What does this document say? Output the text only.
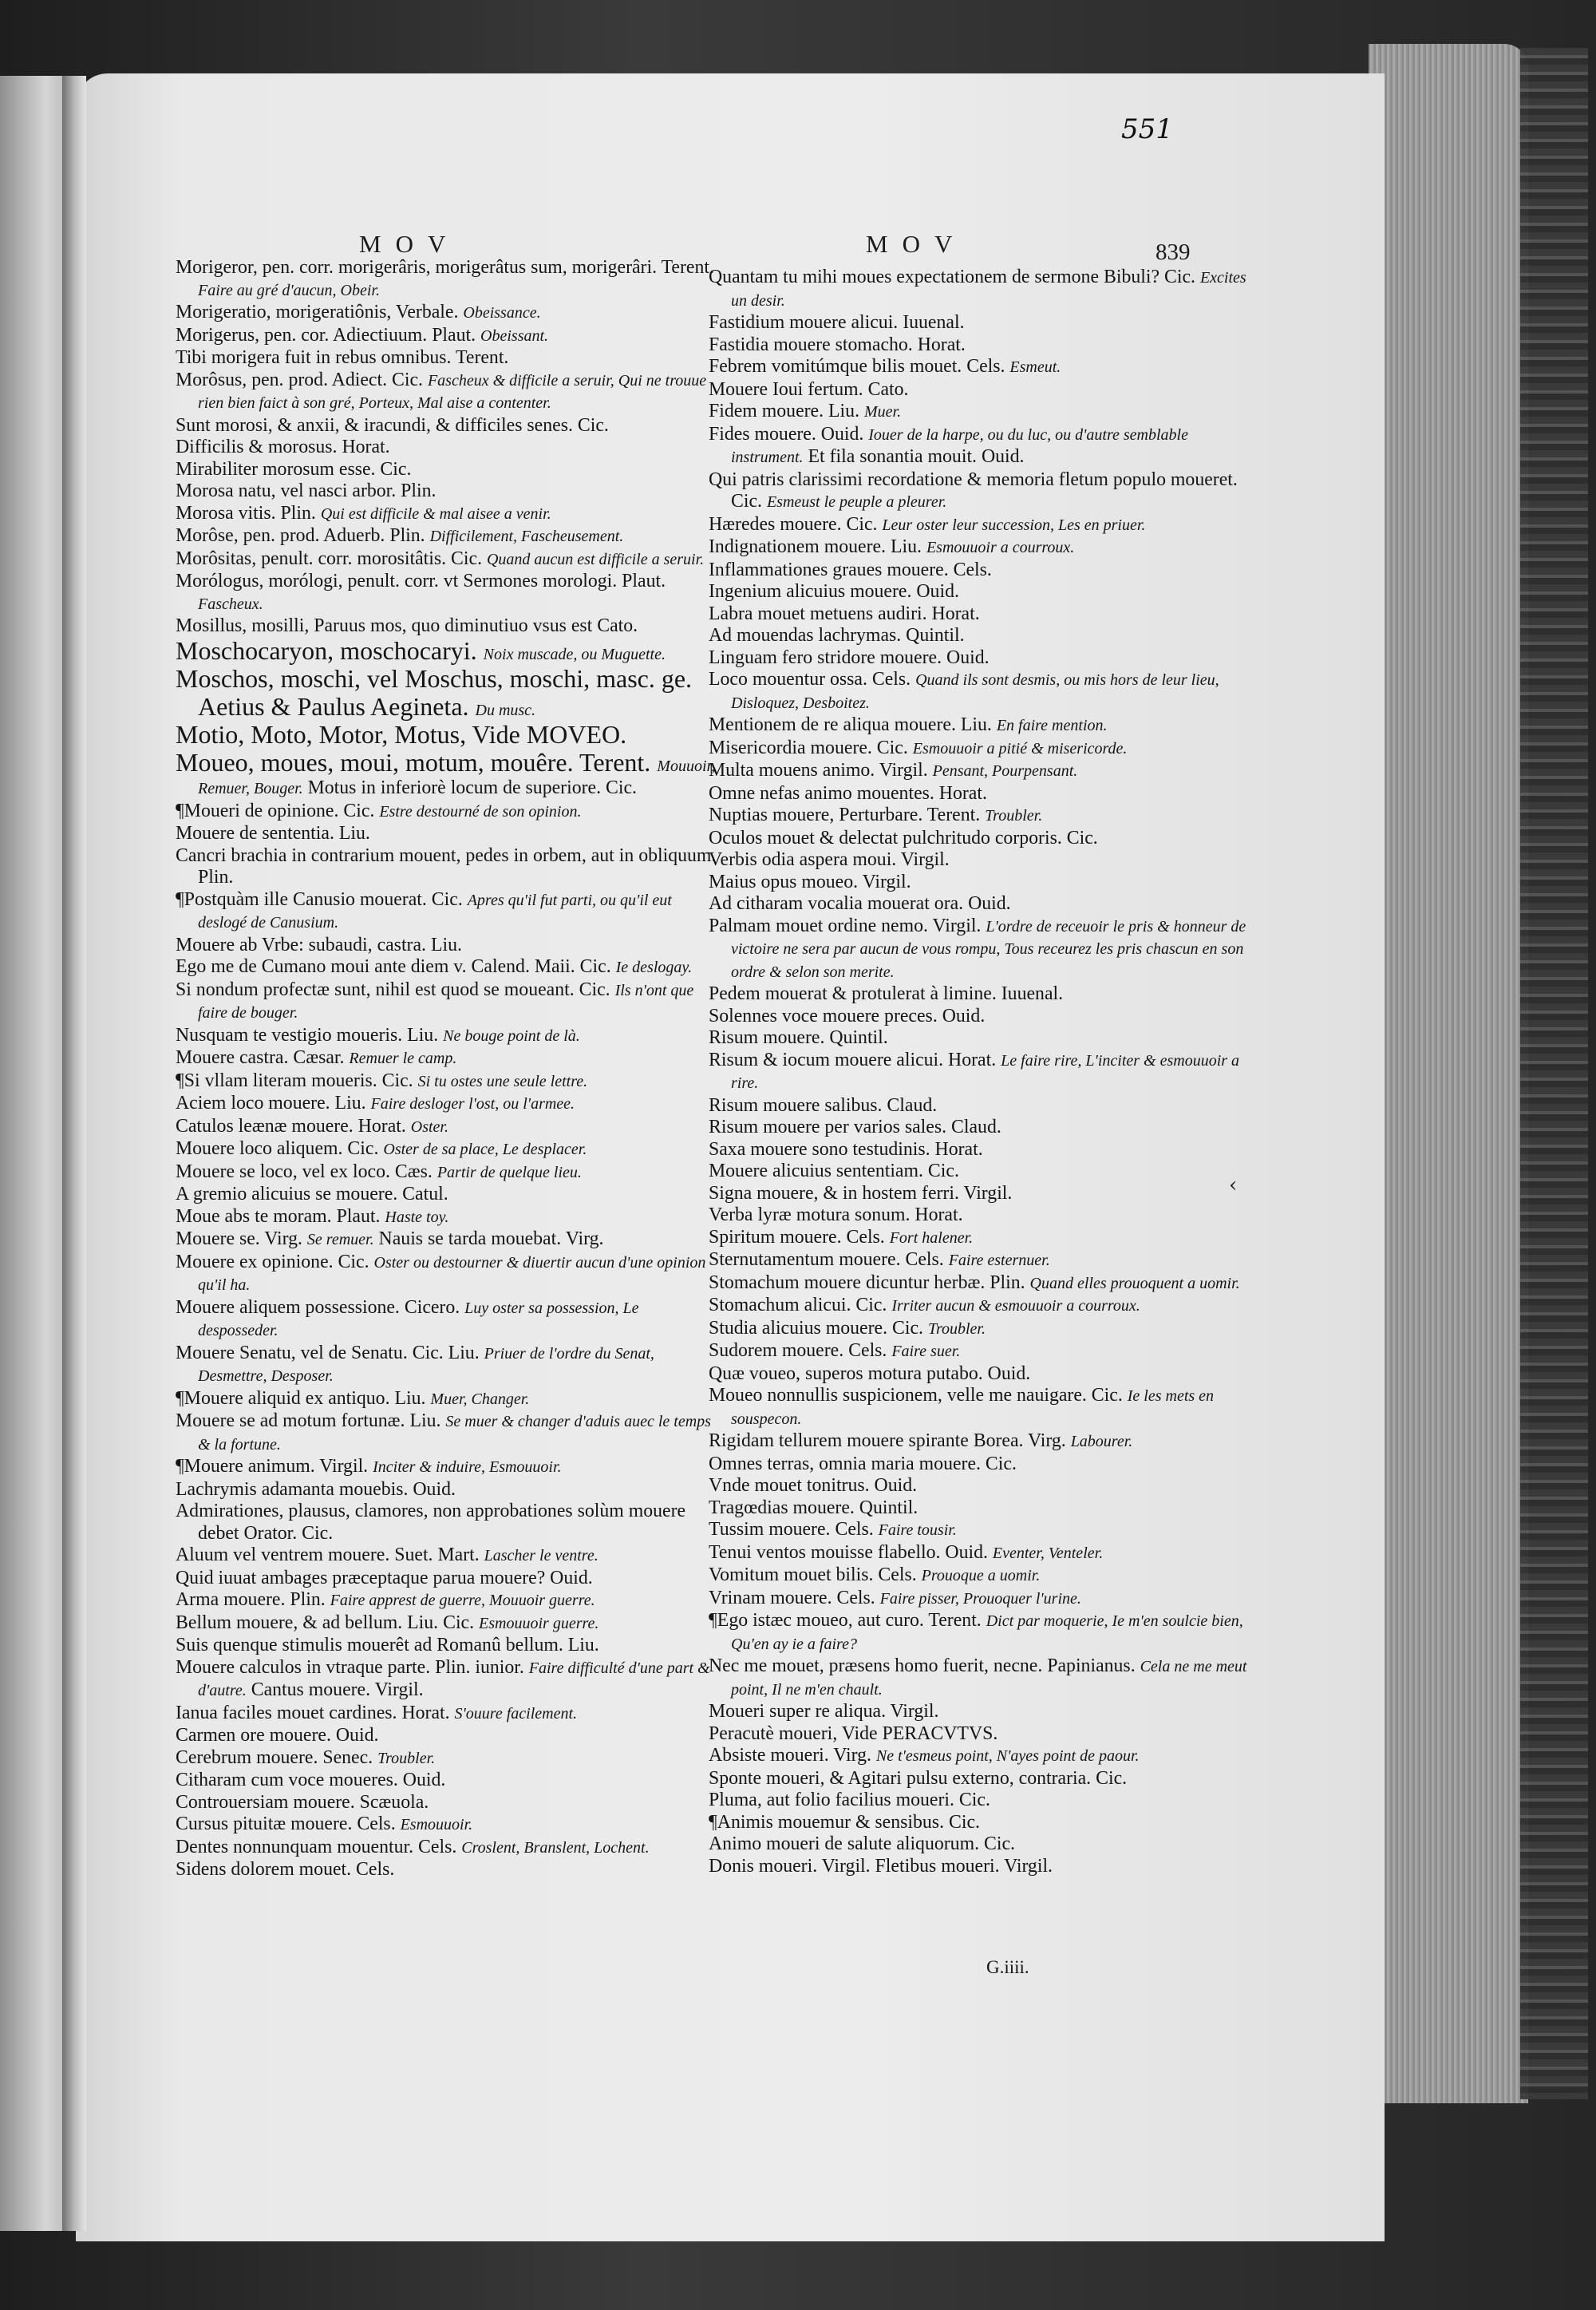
551
MOV	MOV	839
Morigeror, pen. corr. morigerâris, morigerâtus sum, morigerâri. Terent. Faire au gré d'aucun, Obeir.
Morigeratio, morigeratiônis, Verbale. Obeissance.
Morigerus, pen. cor. Adiectiuum. Plaut. Obeissant.
Tibi morigera fuit in rebus omnibus. Terent.
Morôsus, pen. prod. Adiect. Cic. Fascheux & difficile a seruir, Qui ne trouue rien bien faict à son gré, Porteux, Mal aise a contenter.
Sunt morosi, & anxii, & iracundi, & difficiles senes. Cic.
Difficilis & morosus. Horat.
Mirabiliter morosum esse. Cic.
Morosa natu, vel nasci arbor. Plin.
Morosa vitis. Plin. Qui est difficile & mal aisee a venir.
Morôse, pen. prod. Aduerb. Plin. Difficilement, Fascheusement.
Morôsitas, penult. corr. morositâtis. Cic. Quand aucun est difficile a seruir.
Morólogus, morólogi, penult. corr. vt Sermones morologi. Plaut. Fascheux.
Mosillus, mosilli, Paruus mos, quo diminutiuo vsus est Cato.
Moschocaryon, moschocaryi. Noix muscade, ou Muguette.
Moschos, moschi, vel Moschus, moschi, masc. ge. Aetius & Paulus Aegineta. Du musc.
Motio, Moto, Motor, Motus, Vide MOVEO.
Moueo, moues, moui, motum, mouêre. Terent. Mouuoir, Remuer, Bouger. Motus in inferiorè locum de superiore. Cic.
¶Moueri de opinione. Cic. Estre destourné de son opinion.
Mouere de sententia. Liu.
Cancri brachia in contrarium mouent, pedes in orbem, aut in obliquum. Plin.
¶Postquàm ille Canusio mouerat. Cic. Apres qu'il fut parti, ou qu'il eut deslogé de Canusium.
Mouere ab Vrbe: subaudi, castra. Liu.
Ego me de Cumano moui ante diem v. Calend. Maii. Cic. Ie deslogay.
Si nondum profectæ sunt, nihil est quod se moueant. Cic. Ils n'ont que faire de bouger.
Nusquam te vestigio moueris. Liu. Ne bouge point de là.
Mouere castra. Cæsar. Remuer le camp.
¶Si vllam literam moueris. Cic. Si tu ostes une seule lettre.
Aciem loco mouere. Liu. Faire desloger l'ost, ou l'armee.
Catulos leænæ mouere. Horat. Oster.
Mouere loco aliquem. Cic. Oster de sa place, Le desplacer.
Mouere se loco, vel ex loco. Cæs. Partir de quelque lieu.
A gremio alicuius se mouere. Catul.
Moue abs te moram. Plaut. Haste toy.
Mouere se. Virg. Se remuer. Nauis se tarda mouebat. Virg.
Mouere ex opinione. Cic. Oster ou destourner & diuertir aucun d'une opinion qu'il ha.
Mouere aliquem possessione. Cicero. Luy oster sa possession, Le desposseder.
Mouere Senatu, vel de Senatu. Cic. Liu. Priuer de l'ordre du Senat, Desmettre, Desposer.
¶Mouere aliquid ex antiquo. Liu. Muer, Changer.
Mouere se ad motum fortunæ. Liu. Se muer & changer d'aduis auec le temps & la fortune.
¶Mouere animum. Virgil. Inciter & induire, Esmouuoir.
Lachrymis adamanta mouebis. Ouid.
Admirationes, plausus, clamores, non approbationes solùm mouere debet Orator. Cic.
Aluum vel ventrem mouere. Suet. Mart. Lascher le ventre.
Quid iuuat ambages præceptaque parua mouere? Ouid.
Arma mouere. Plin. Faire apprest de guerre, Mouuoir guerre.
Bellum mouere, & ad bellum. Liu. Cic. Esmouuoir guerre.
Suis quenque stimulis mouerêt ad Romanû bellum. Liu.
Mouere calculos in vtraque parte. Plin. iunior. Faire difficulté d'une part & d'autre. Cantus mouere. Virgil.
Ianua faciles mouet cardines. Horat. S'ouure facilement.
Carmen ore mouere. Ouid.
Cerebrum mouere. Senec. Troubler.
Citharam cum voce moueres. Ouid.
Controuersiam mouere. Scæuola.
Cursus pituitæ mouere. Cels. Esmouuoir.
Dentes nonnunquam mouentur. Cels. Croslent, Branslent, Lochent.
Sidens dolorem mouet. Cels.
Quantam tu mihi moues expectationem de sermone Bibuli? Cic. Excites un desir.
Fastidium mouere alicui. Iuuenal.
Fastidia mouere stomacho. Horat.
Febrem vomitúmque bilis mouet. Cels. Esmeut.
Mouere Ioui fertum. Cato.
Fidem mouere. Liu. Muer.
Fides mouere. Ouid. Iouer de la harpe, ou du luc, ou d'autre semblable instrument. Et fila sonantia mouit. Ouid.
Qui patris clarissimi recordatione & memoria fletum populo moueret. Cic. Esmeust le peuple a pleurer.
Hæredes mouere. Cic. Leur oster leur succession, Les en priuer.
Indignationem mouere. Liu. Esmouuoir a courroux.
Inflammationes graues mouere. Cels.
Ingenium alicuius mouere. Ouid.
Labra mouet metuens audiri. Horat.
Ad mouendas lachrymas. Quintil.
Linguam fero stridore mouere. Ouid.
Loco mouentur ossa. Cels. Quand ils sont desmis, ou mis hors de leur lieu, Disloquez, Desboitez.
Mentionem de re aliqua mouere. Liu. En faire mention.
Misericordia mouere. Cic. Esmouuoir a pitié & misericorde.
Multa mouens animo. Virgil. Pensant, Pourpensant.
Omne nefas animo mouentes. Horat.
Nuptias mouere, Perturbare. Terent. Troubler.
Oculos mouet & delectat pulchritudo corporis. Cic.
Verbis odia aspera moui. Virgil.
Maius opus moueo. Virgil.
Ad citharam vocalia mouerat ora. Ouid.
Palmam mouet ordine nemo. Virgil. L'ordre de receuoir le pris & honneur de victoire ne sera par aucun de vous rompu, Tous receurez les pris chascun en son ordre & selon son merite.
Pedem mouerat & protulerat à limine. Iuuenal.
Solennes voce mouere preces. Ouid.
Risum mouere. Quintil.
Risum & iocum mouere alicui. Horat. Le faire rire, L'inciter & esmouuoir a rire.
Risum mouere salibus. Claud.
Risum mouere per varios sales. Claud.
Saxa mouere sono testudinis. Horat.
Mouere alicuius sententiam. Cic.
Signa mouere, & in hostem ferri. Virgil.
Verba lyræ motura sonum. Horat.
Spiritum mouere. Cels. Fort halener.
Sternutamentum mouere. Cels. Faire esternuer.
Stomachum mouere dicuntur herbæ. Plin. Quand elles prouoquent a uomir.
Stomachum alicui. Cic. Irriter aucun & esmouuoir a courroux.
Studia alicuius mouere. Cic. Troubler.
Sudorem mouere. Cels. Faire suer.
Quæ voueo, superos motura putabo. Ouid.
Moueo nonnullis suspicionem, velle me nauigare. Cic. Ie les mets en souspecon.
Rigidam tellurem mouere spirante Borea. Virg. Labourer.
Omnes terras, omnia maria mouere. Cic.
Vnde mouet tonitrus. Ouid.
Tragœdias mouere. Quintil.
Tussim mouere. Cels. Faire tousir.
Tenui ventos mouisse flabello. Ouid. Eventer, Venteler.
Vomitum mouet bilis. Cels. Prouoque a uomir.
Vrinam mouere. Cels. Faire pisser, Prouoquer l'urine.
¶Ego istæc moueo, aut curo. Terent. Dict par moquerie, Ie m'en soulcie bien, Qu'en ay ie a faire?
Nec me mouet, præsens homo fuerit, necne. Papinianus. Cela ne me meut point, Il ne m'en chault.
Moueri super re aliqua. Virgil.
Peracutè moueri, Vide PERACVTVS.
Absiste moueri. Virg. Ne t'esmeus point, N'ayes point de paour.
Sponte moueri, & Agitari pulsu externo, contraria. Cic.
Pluma, aut folio facilius moueri. Cic.
¶Animis mouemur & sensibus. Cic.
Animo moueri de salute aliquorum. Cic.
Donis moueri. Virgil. Fletibus moueri. Virgil.
‹
G.iiii.
